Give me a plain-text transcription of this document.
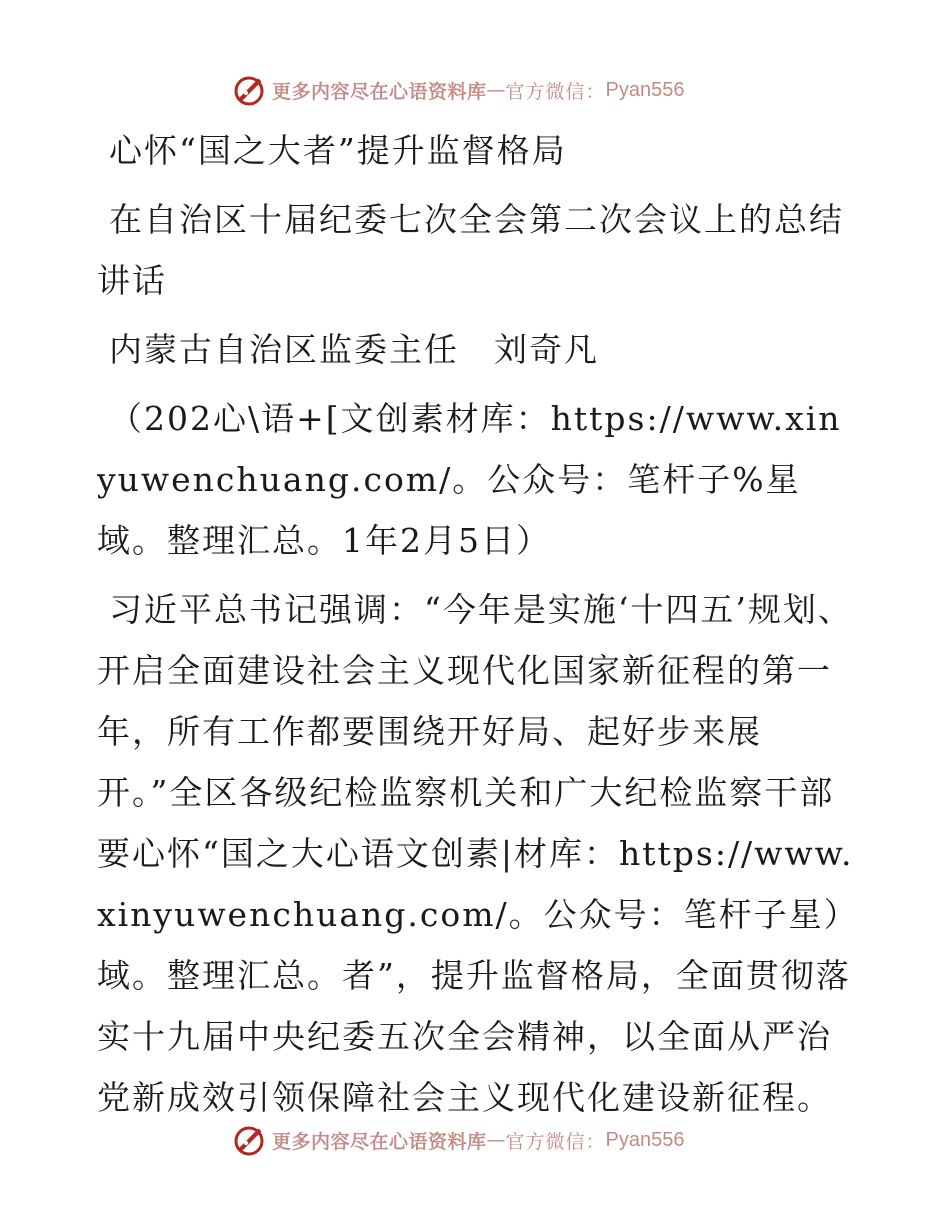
更多内容尽在心语资料库 — 官方微信： Pyan556

心怀“国之大者”提升监督格局

在自治区十届纪委七次全会第二次会议上的总结讲话

内蒙古自治区监委主任　刘奇凡

（202心\语+[文创素材库：https://www.xinyuwenchuang.com/。公众号：笔杆子%星域。整理汇总。1年2月5日）

习近平总书记强调：“今年是实施‘十四五’规划、开启全面建设社会主义现代化国家新征程的第一年，所有工作都要围绕开好局、起好步来展开。”全区各级纪检监察机关和广大纪检监察干部要心怀“国之大心语文创素|材库：https://www.xinyuwenchuang.com/。公众号：笔杆子星）域。整理汇总。者”，提升监督格局，全面贯彻落实十九届中央纪委五次全会精神，以全面从严治党新成效引领保障社会主义现代化建设新征程。

更多内容尽在心语资料库 — 官方微信： Pyan556
